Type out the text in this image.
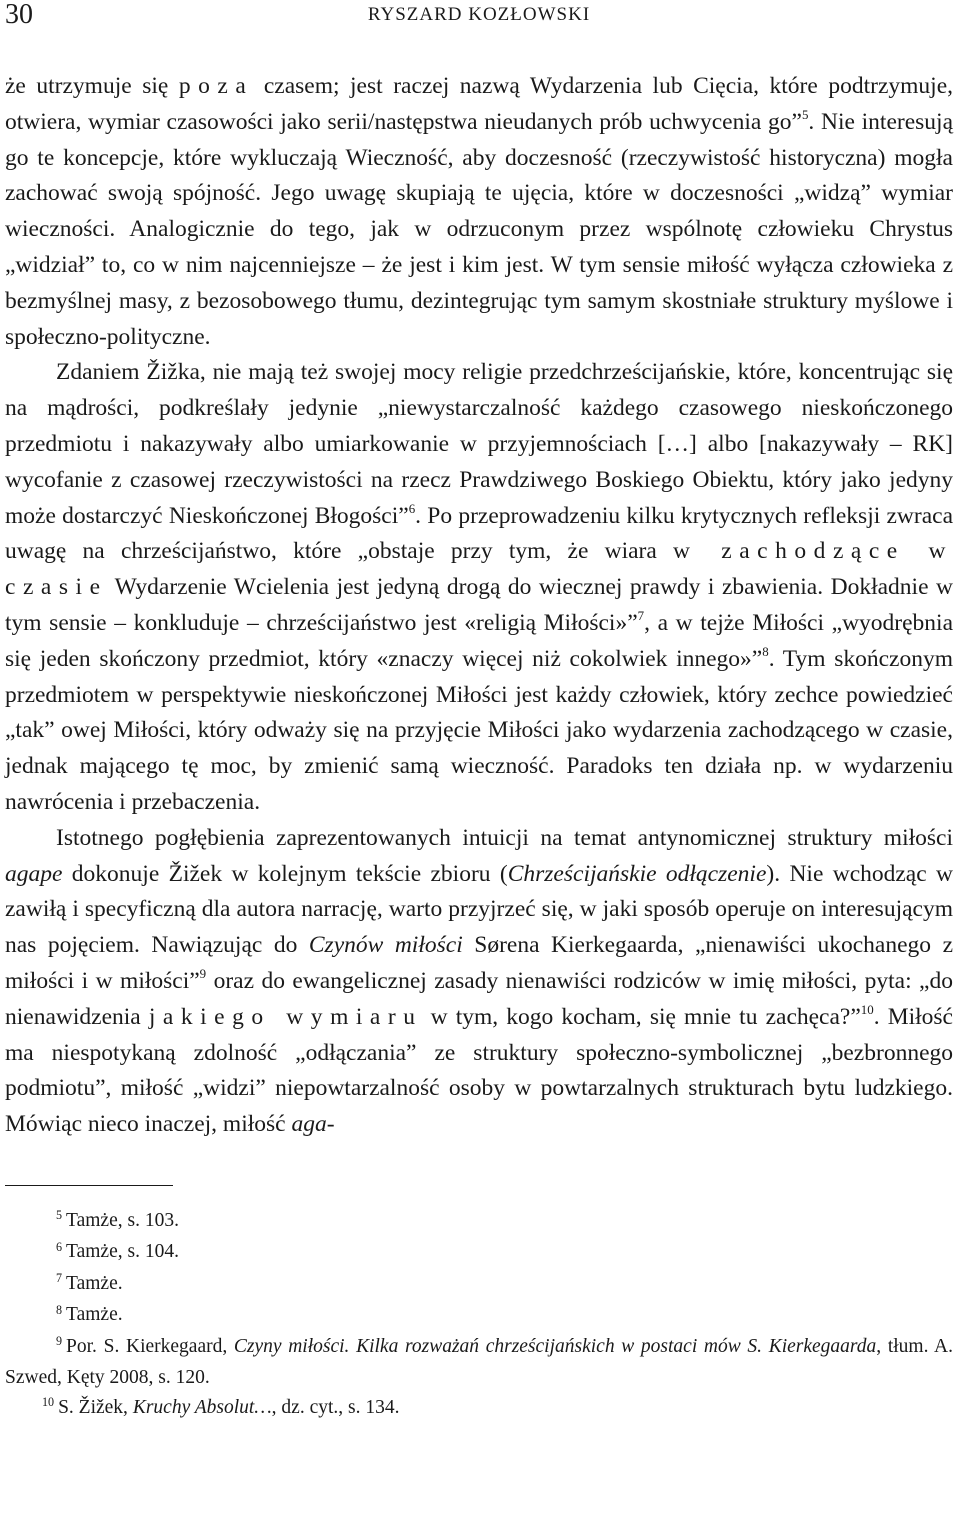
30	RYSZARD KOZŁOWSKI

że utrzymuje się poza czasem; jest raczej nazwą Wydarzenia lub Cięcia, które podtrzymuje, otwiera, wymiar czasowości jako serii/następstwa nieudanych prób uchwycenia go”$^5$. Nie interesują go te koncepcje, które wykluczają Wieczność, aby doczesność (rzeczywistość historyczna) mogła zachować swoją spójność. Jego uwagę skupiają te ujęcia, które w doczesności „widzą” wymiar wieczności. Analogicznie do tego, jak w odrzuconym przez wspólnotę człowieku Chrystus „widział” to, co w nim najcenniejsze – że jest i kim jest. W tym sensie miłość wyłącza człowieka z bezmyślnej masy, z bezosobowego tłumu, dezintegrując tym samym skostniałe struktury myślowe i społeczno-polityczne.

Zdaniem Žižka, nie mają też swojej mocy religie przedchrześcijańskie, które, koncentrując się na mądrości, podkreślały jedynie „niewystarczalność każdego czasowego nieskończonego przedmiotu i nakazywały albo umiarkowanie w przyjemnościach […] albo [nakazywały – RK] wycofanie z czasowej rzeczywistości na rzecz Prawdziwego Boskiego Obiektu, który jako jedyny może dostarczyć Nieskończonej Błogości”$^6$. Po przeprowadzeniu kilku krytycznych refleksji zwraca uwagę na chrześcijaństwo, które „obstaje przy tym, że wiara w zachodzące w czasie Wydarzenie Wcielenia jest jedyną drogą do wiecznej prawdy i zbawienia. Dokładnie w tym sensie – konkluduje – chrześcijaństwo jest «religią Miłości»”$^7$, a w tejże Miłości „wyodrębnia się jeden skończony przedmiot, który «znaczy więcej niż cokolwiek innego»”$^8$. Tym skończonym przedmiotem w perspektywie nieskończonej Miłości jest każdy człowiek, który zechce powiedzieć „tak” owej Miłości, który odważy się na przyjęcie Miłości jako wydarzenia zachodzącego w czasie, jednak mającego tę moc, by zmienić samą wieczność. Paradoks ten działa np. w wydarzeniu nawrócenia i przebaczenia.

Istotnego pogłębienia zaprezentowanych intuicji na temat antynomicznej struktury miłości agape dokonuje Žižek w kolejnym tekście zbioru (Chrześcijańskie odłączenie). Nie wchodząc w zawiłą i specyficzną dla autora narrację, warto przyjrzeć się, w jaki sposób operuje on interesującym nas pojęciem. Nawiązując do Czynów miłości Sørena Kierkegaarda, „nienawiści ukochanego z miłości i w miłości”$^9$ oraz do ewangelicznej zasady nienawiści rodziców w imię miłości, pyta: „do nienawidzenia jakiego wymiaru w tym, kogo kocham, się mnie tu zachęca?”$^{10}$. Miłość ma niespotykaną zdolność „odłączania” ze struktury społeczno-symbolicznej „bezbronnego podmiotu”, miłość „widzi” niepowtarzalność osoby w powtarzalnych strukturach bytu ludzkiego. Mówiąc nieco inaczej, miłość aga-

$^5$ Tamże, s. 103.

$^6$ Tamże, s. 104.

$^7$ Tamże.

$^8$ Tamże.

$^9$ Por. S. Kierkegaard, Czyny miłości. Kilka rozważań chrześcijańskich w postaci mów S. Kierkegaarda, tłum. A. Szwed, Kęty 2008, s. 120.

$^{10}$ S. Žižek, Kruchy Absolut…, dz. cyt., s. 134.
